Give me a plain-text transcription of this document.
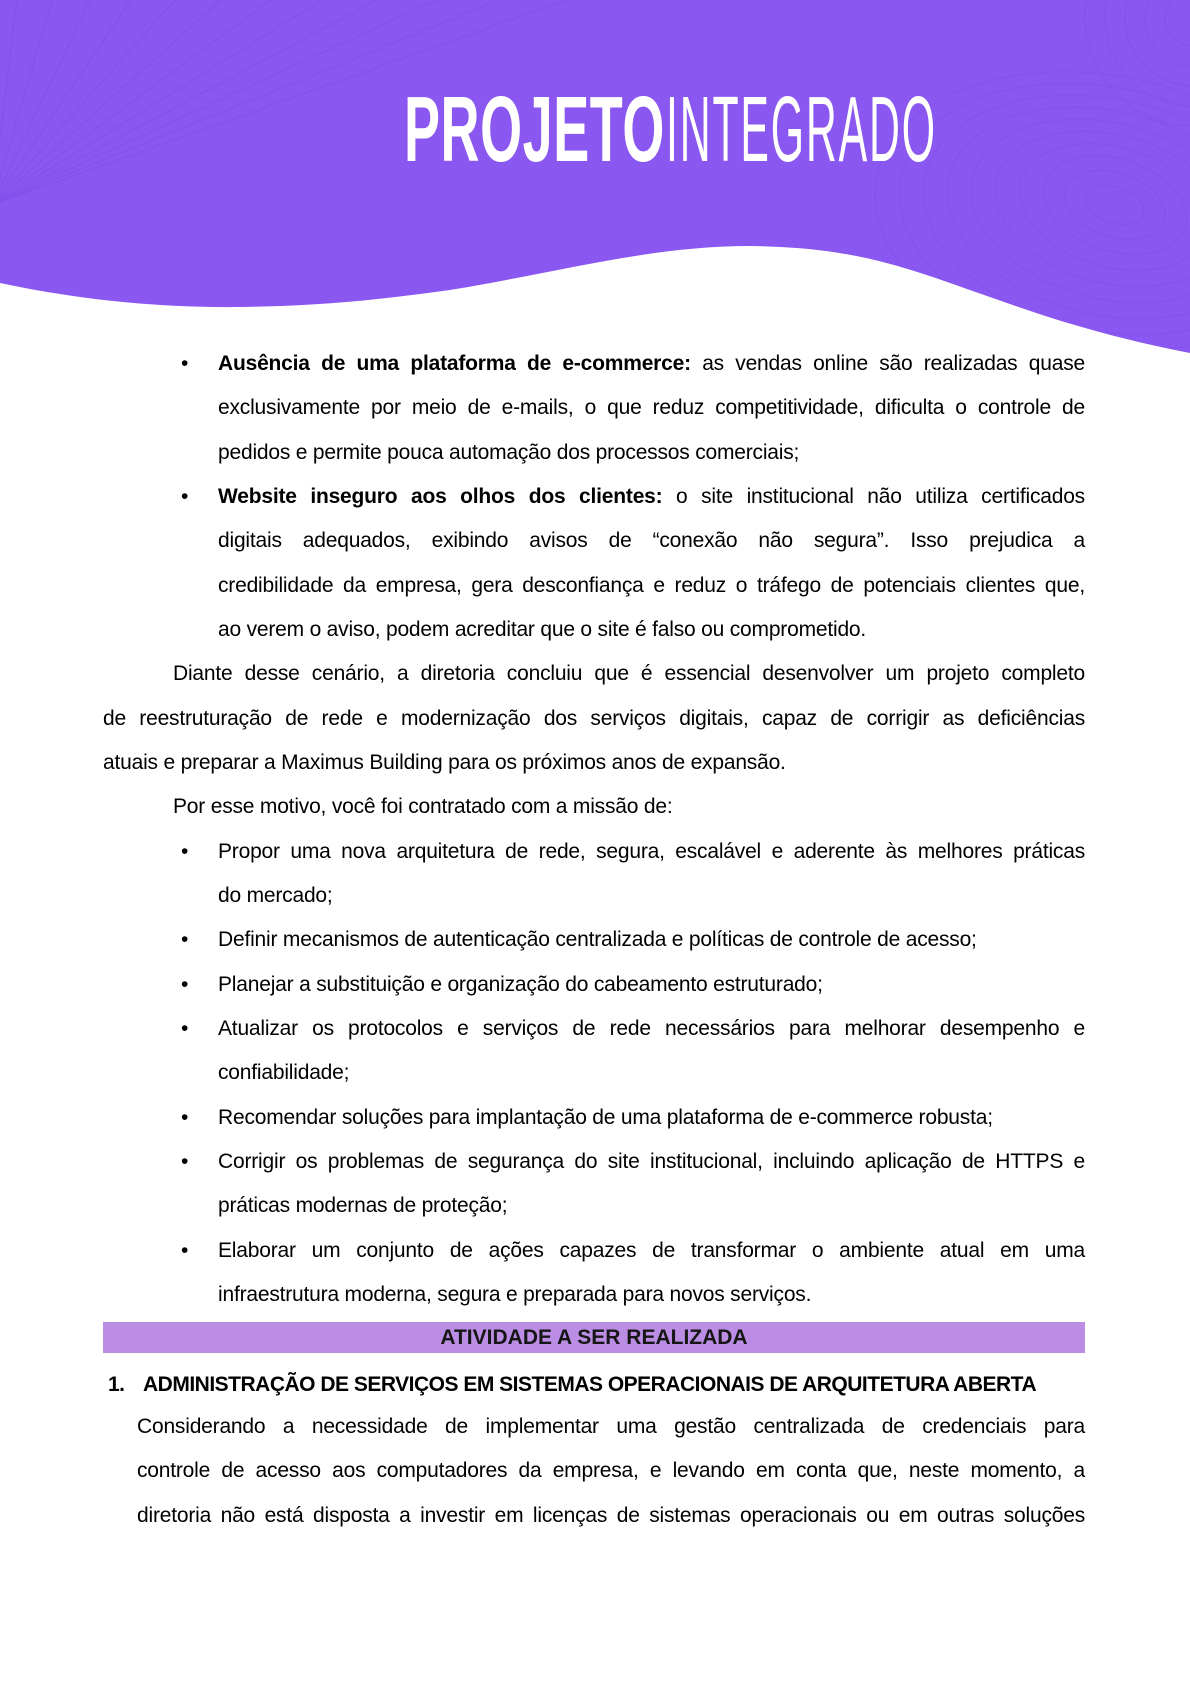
PROJETO INTEGRADO
• Ausência de uma plataforma de e-commerce: as vendas online são realizadas quase
exclusivamente por meio de e-mails, o que reduz competitividade, dificulta o controle de
pedidos e permite pouca automação dos processos comerciais;
• Website inseguro aos olhos dos clientes: o site institucional não utiliza certificados
digitais adequados, exibindo avisos de “conexão não segura”. Isso prejudica a
credibilidade da empresa, gera desconfiança e reduz o tráfego de potenciais clientes que,
ao verem o aviso, podem acreditar que o site é falso ou comprometido.
Diante desse cenário, a diretoria concluiu que é essencial desenvolver um projeto completo
de reestruturação de rede e modernização dos serviços digitais, capaz de corrigir as deficiências
atuais e preparar a Maximus Building para os próximos anos de expansão.
Por esse motivo, você foi contratado com a missão de:
• Propor uma nova arquitetura de rede, segura, escalável e aderente às melhores práticas
do mercado;
• Definir mecanismos de autenticação centralizada e políticas de controle de acesso;
• Planejar a substituição e organização do cabeamento estruturado;
• Atualizar os protocolos e serviços de rede necessários para melhorar desempenho e
confiabilidade;
• Recomendar soluções para implantação de uma plataforma de e-commerce robusta;
• Corrigir os problemas de segurança do site institucional, incluindo aplicação de HTTPS e
práticas modernas de proteção;
• Elaborar um conjunto de ações capazes de transformar o ambiente atual em uma
infraestrutura moderna, segura e preparada para novos serviços.
ATIVIDADE A SER REALIZADA
1. ADMINISTRAÇÃO DE SERVIÇOS EM SISTEMAS OPERACIONAIS DE ARQUITETURA ABERTA
Considerando a necessidade de implementar uma gestão centralizada de credenciais para
controle de acesso aos computadores da empresa, e levando em conta que, neste momento, a
diretoria não está disposta a investir em licenças de sistemas operacionais ou em outras soluções
